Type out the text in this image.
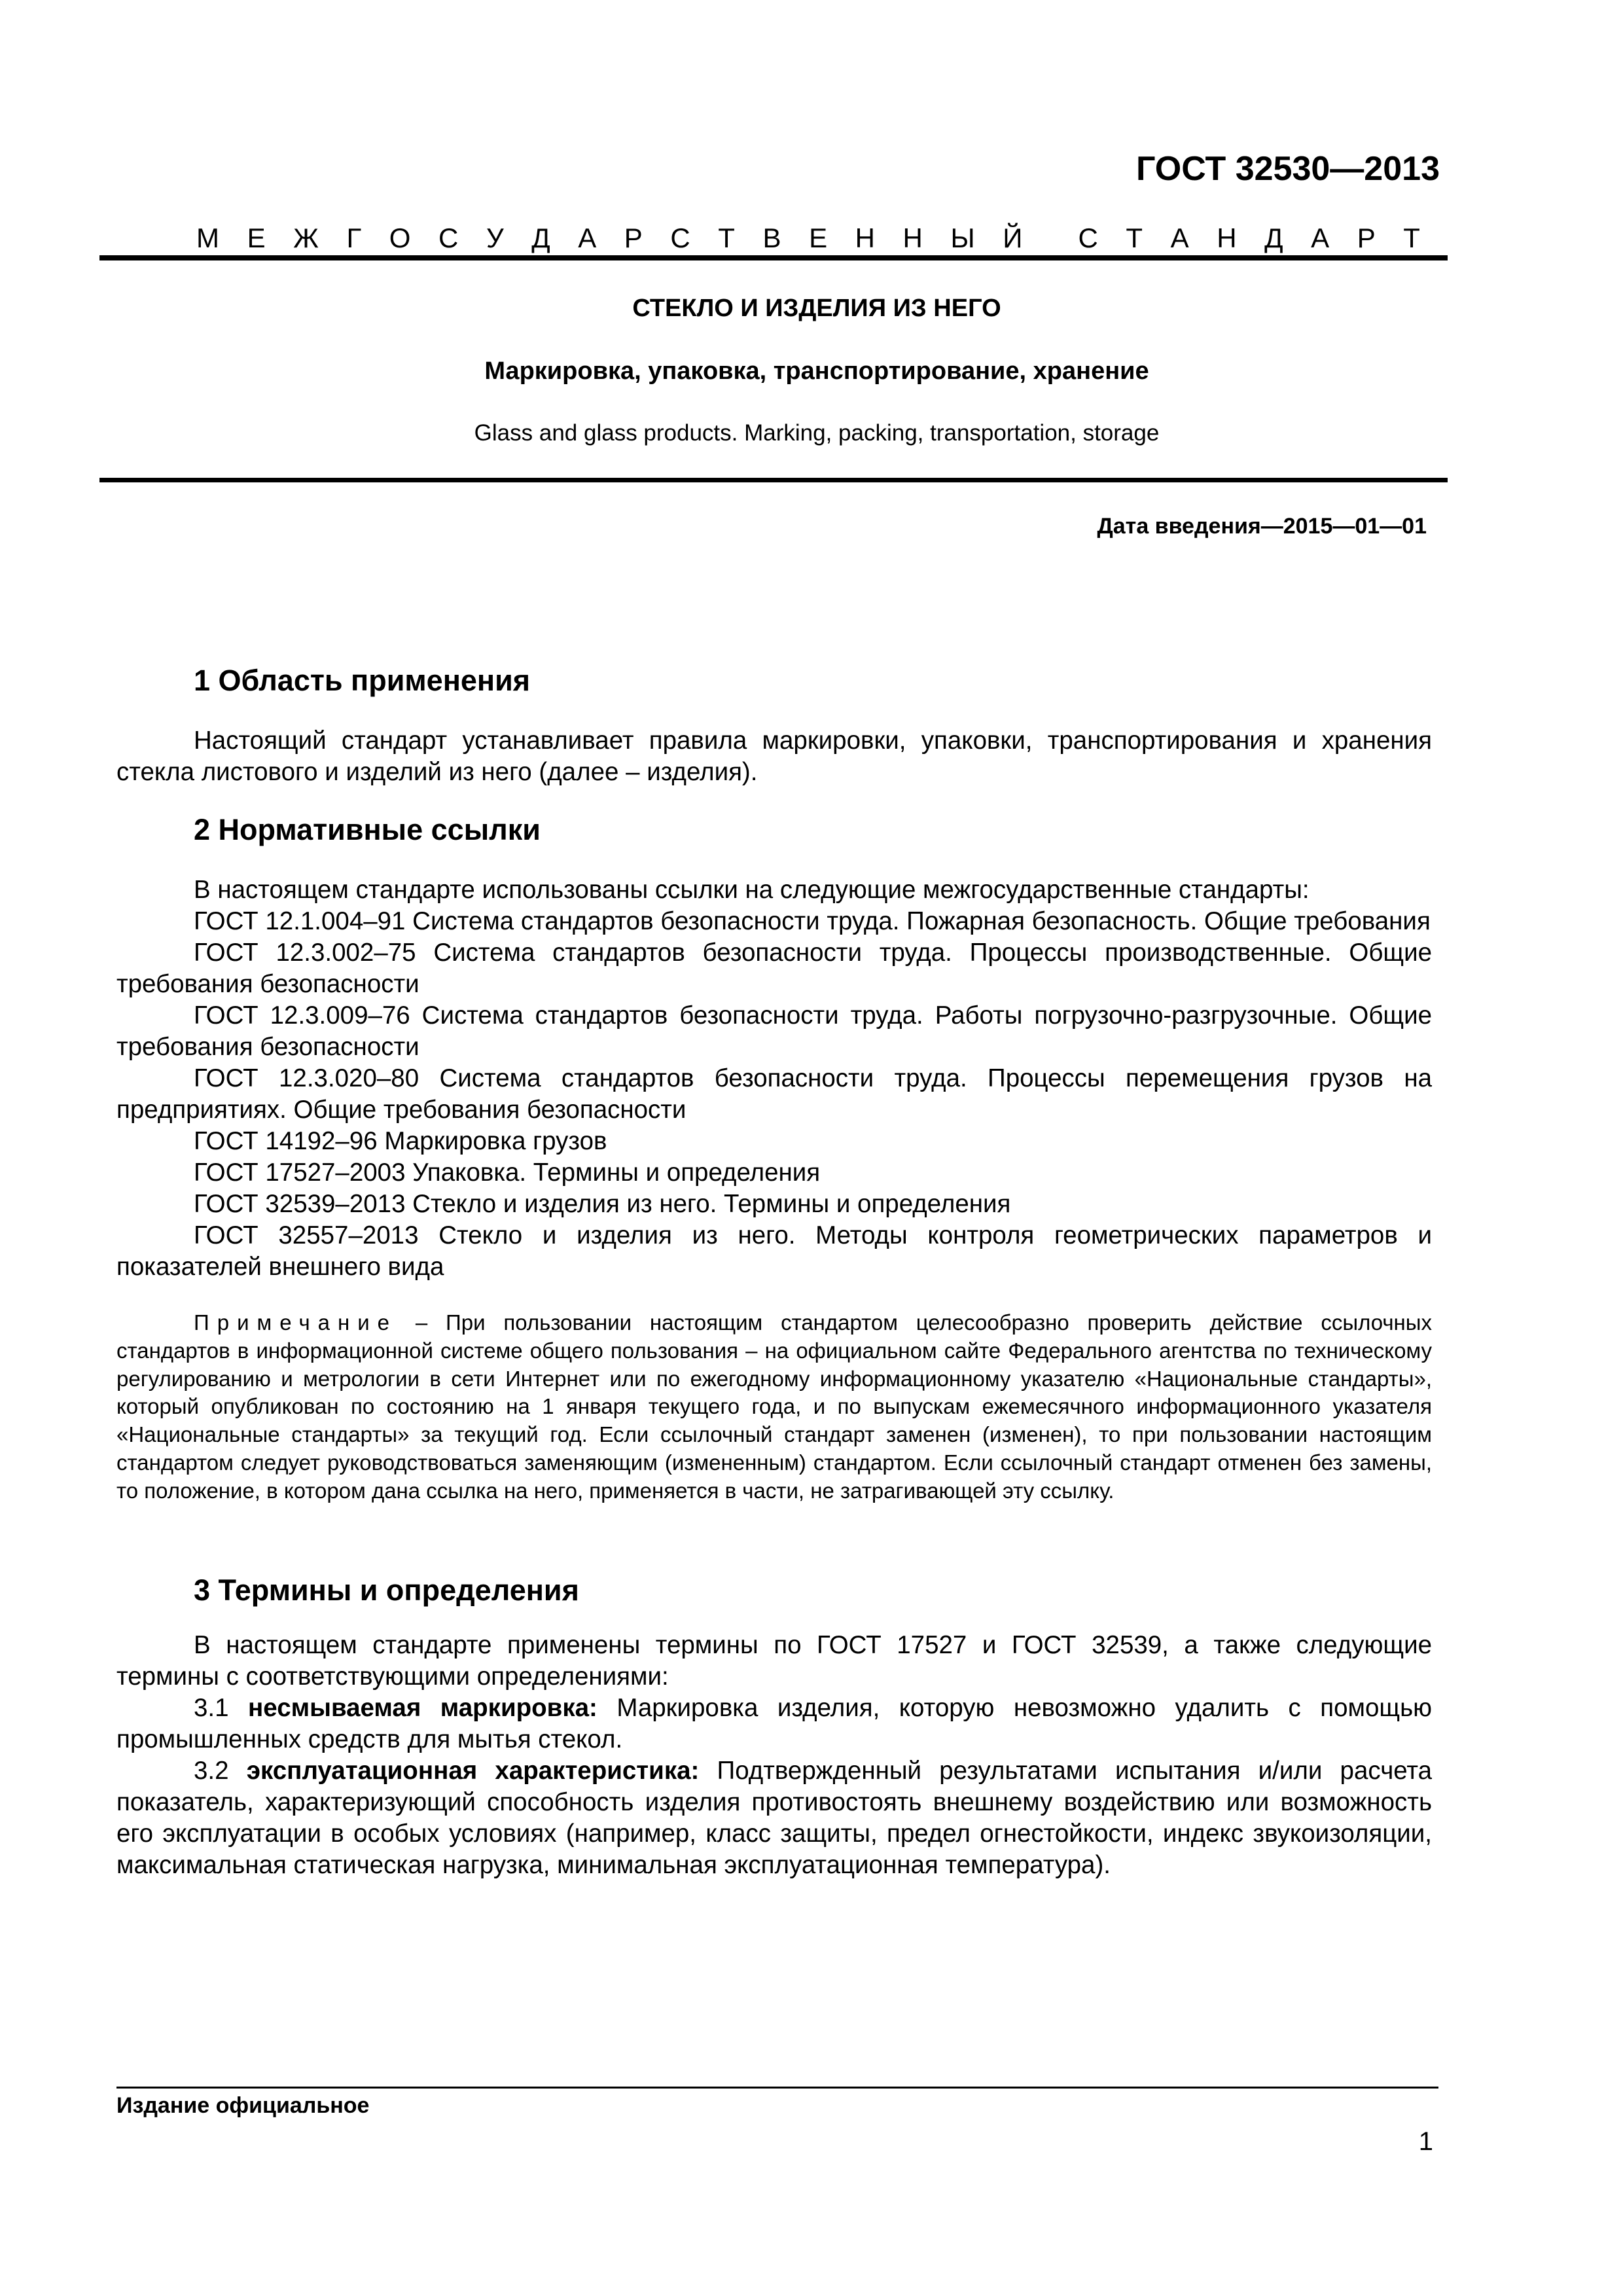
ГОСТ 32530—2013
М Е Ж Г О С У Д А Р С Т В Е Н Н Ы Й С Т А Н Д А Р Т
СТЕКЛО И ИЗДЕЛИЯ ИЗ НЕГО
Маркировка, упаковка, транспортирование, хранение
Glass and glass products. Marking, packing, transportation, storage
Дата введения—2015—01—01
1 Область применения

Настоящий стандарт устанавливает правила маркировки, упаковки, транспортирования и хранения стекла листового и изделий из него (далее – изделия).

2 Нормативные ссылки

В настоящем стандарте использованы ссылки на следующие межгосударственные стандарты:

ГОСТ 12.1.004–91 Система стандартов безопасности труда. Пожарная безопасность. Общие требования

ГОСТ 12.3.002–75 Система стандартов безопасности труда. Процессы производственные. Общие требования безопасности

ГОСТ 12.3.009–76 Система стандартов безопасности труда. Работы погрузочно-разгрузочные. Общие требования безопасности

ГОСТ 12.3.020–80 Система стандартов безопасности труда. Процессы перемещения грузов на предприятиях. Общие требования безопасности

ГОСТ 14192–96 Маркировка грузов

ГОСТ 17527–2003 Упаковка. Термины и определения

ГОСТ 32539–2013 Стекло и изделия из него. Термины и определения

ГОСТ 32557–2013 Стекло и изделия из него. Методы контроля геометрических параметров и показателей внешнего вида

Примечание – При пользовании настоящим стандартом целесообразно проверить действие ссылочных стандартов в информационной системе общего пользования – на официальном сайте Федерального агентства по техническому регулированию и метрологии в сети Интернет или по ежегодному информационному указателю «Национальные стандарты», который опубликован по состоянию на 1 января текущего года, и по выпускам ежемесячного информационного указателя «Национальные стандарты» за текущий год. Если ссылочный стандарт заменен (изменен), то при пользовании настоящим стандартом следует руководствоваться заменяющим (измененным) стандартом. Если ссылочный стандарт отменен без замены, то положение, в котором дана ссылка на него, применяется в части, не затрагивающей эту ссылку.

3 Термины и определения

В настоящем стандарте применены термины по ГОСТ 17527 и ГОСТ 32539, а также следующие термины с соответствующими определениями:

3.1 несмываемая маркировка: Маркировка изделия, которую невозможно удалить с помощью промышленных средств для мытья стекол.

3.2 эксплуатационная характеристика: Подтвержденный результатами испытания и/или расчета показатель, характеризующий способность изделия противостоять внешнему воздействию или возможность его эксплуатации в особых условиях (например, класс защиты, предел огнестойкости, индекс звукоизоляции, максимальная статическая нагрузка, минимальная эксплуатационная температура).

Издание официальное
1
